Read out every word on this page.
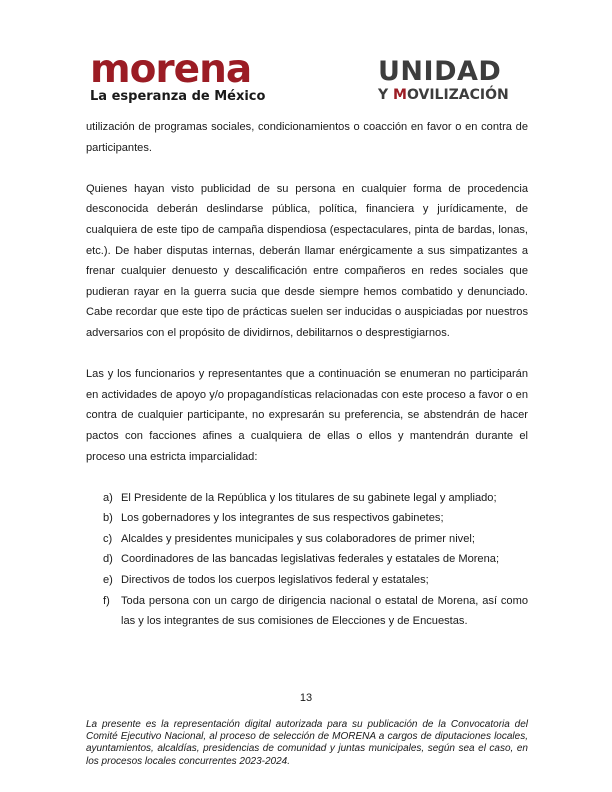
morena
La esperanza de México
UNIDAD
Y MOVILIZACIÓN

utilización de programas sociales, condicionamientos o coacción en favor o en contra de participantes.

Quienes hayan visto publicidad de su persona en cualquier forma de procedencia desconocida deberán deslindarse pública, política, financiera y jurídicamente, de cualquiera de este tipo de campaña dispendiosa (espectaculares, pinta de bardas, lonas, etc.). De haber disputas internas, deberán llamar enérgicamente a sus simpatizantes a frenar cualquier denuesto y descalificación entre compañeros en redes sociales que pudieran rayar en la guerra sucia que desde siempre hemos combatido y denunciado. Cabe recordar que este tipo de prácticas suelen ser inducidas o auspiciadas por nuestros adversarios con el propósito de dividirnos, debilitarnos o desprestigiarnos.

Las y los funcionarios y representantes que a continuación se enumeran no participarán en actividades de apoyo y/o propagandísticas relacionadas con este proceso a favor o en contra de cualquier participante, no expresarán su preferencia, se abstendrán de hacer pactos con facciones afines a cualquiera de ellas o ellos y mantendrán durante el proceso una estricta imparcialidad:

a) El Presidente de la República y los titulares de su gabinete legal y ampliado;
b) Los gobernadores y los integrantes de sus respectivos gabinetes;
c) Alcaldes y presidentes municipales y sus colaboradores de primer nivel;
d) Coordinadores de las bancadas legislativas federales y estatales de Morena;
e) Directivos de todos los cuerpos legislativos federal y estatales;
f)	Toda persona con un cargo de dirigencia nacional o estatal de Morena, así como las y los integrantes de sus comisiones de Elecciones y de Encuestas.
13
La presente es la representación digital autorizada para su publicación de la Convocatoria del Comité Ejecutivo Nacional, al proceso de selección de MORENA a cargos de diputaciones locales, ayuntamientos, alcaldías, presidencias de comunidad y juntas municipales, según sea el caso, en los procesos locales concurrentes 2023-2024.
